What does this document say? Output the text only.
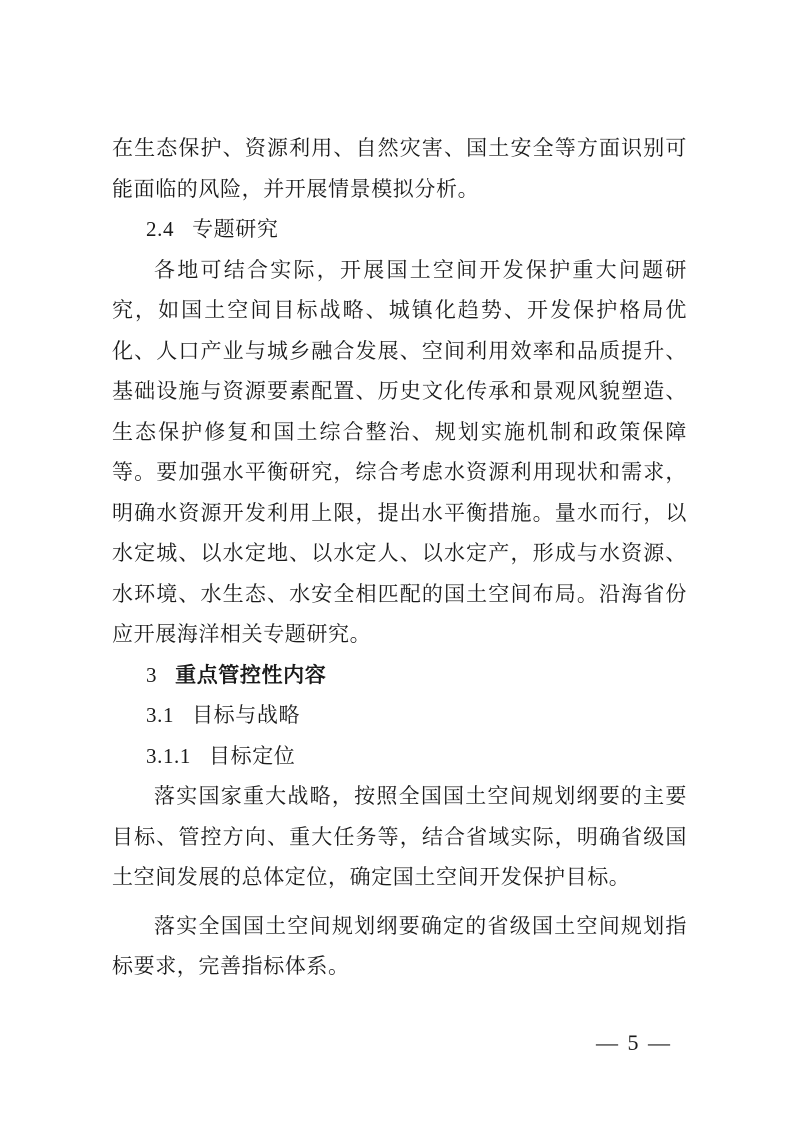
在生态保护、资源利用、自然灾害、国土安全等方面识别可能面临的风险，并开展情景模拟分析。

2.4 专题研究

各地可结合实际，开展国土空间开发保护重大问题研究，如国土空间目标战略、城镇化趋势、开发保护格局优化、人口产业与城乡融合发展、空间利用效率和品质提升、基础设施与资源要素配置、历史文化传承和景观风貌塑造、生态保护修复和国土综合整治、规划实施机制和政策保障等。要加强水平衡研究，综合考虑水资源利用现状和需求，明确水资源开发利用上限，提出水平衡措施。量水而行，以水定城、以水定地、以水定人、以水定产，形成与水资源、水环境、水生态、水安全相匹配的国土空间布局。沿海省份应开展海洋相关专题研究。

3 重点管控性内容

3.1 目标与战略

3.1.1 目标定位

落实国家重大战略，按照全国国土空间规划纲要的主要目标、管控方向、重大任务等，结合省域实际，明确省级国土空间发展的总体定位，确定国土空间开发保护目标。

落实全国国土空间规划纲要确定的省级国土空间规划指标要求，完善指标体系。

— 5 —
